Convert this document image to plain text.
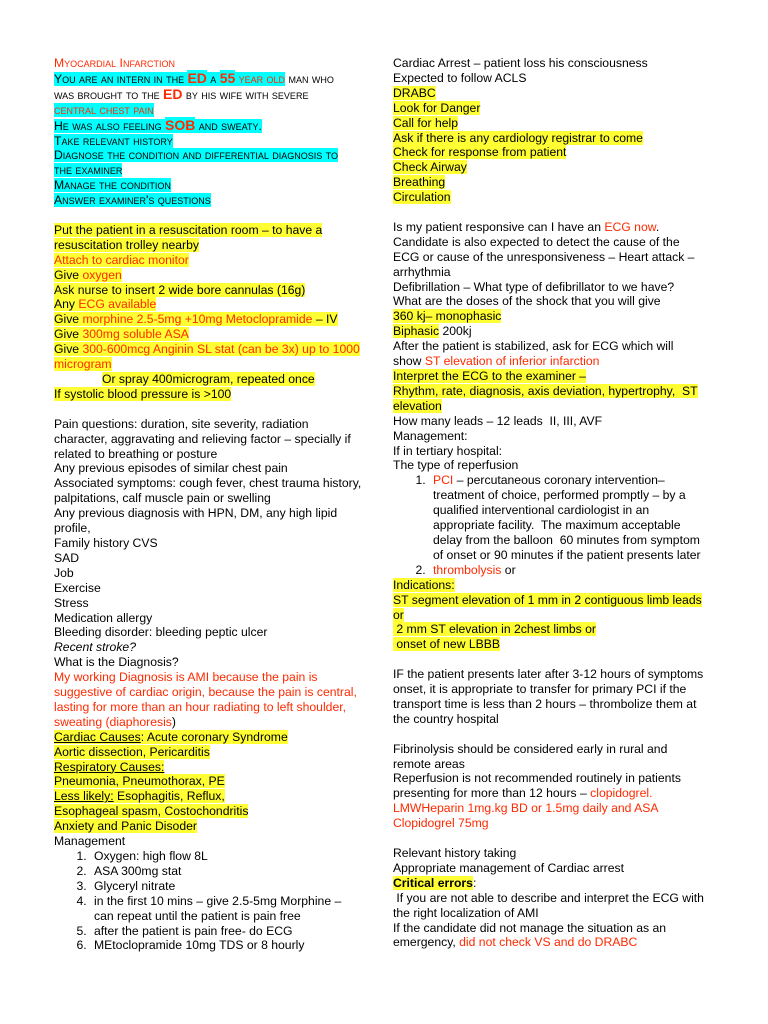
Myocardial Infarction
You are an intern in the ED a 55 year old man who
was brought to the ED by his wife with severe
central chest pain
He was also feeling SOB and sweaty.
Take relevant history
Diagnose the condition and differential diagnosis to
the examiner
Manage the condition
Answer examiner's questions
Put the patient in a resuscitation room – to have a
resuscitation trolley nearby
Attach to cardiac monitor
Give oxygen
Ask nurse to insert 2 wide bore cannulas (16g)
Any ECG available
Give morphine 2.5-5mg +10mg Metoclopramide – IV
Give 300mg soluble ASA
Give 300-600mcg Anginin SL stat (can be 3x) up to 1000
microgram
Or spray 400microgram, repeated once
If systolic blood pressure is >100
Pain questions: duration, site severity, radiation
character, aggravating and relieving factor – specially if
related to breathing or posture
Any previous episodes of similar chest pain
Associated symptoms: cough fever, chest trauma history,
palpitations, calf muscle pain or swelling
Any previous diagnosis with HPN, DM, any high lipid
profile,
Family history CVS
SAD
Job
Exercise
Stress
Medication allergy
Bleeding disorder: bleeding peptic ulcer
Recent stroke?
What is the Diagnosis?
My working Diagnosis is AMI because the pain is
suggestive of cardiac origin, because the pain is central,
lasting for more than an hour radiating to left shoulder,
sweating (diaphoresis)
Cardiac Causes: Acute coronary Syndrome
Aortic dissection, Pericarditis
Respiratory Causes:
Pneumonia, Pneumothorax, PE
Less likely: Esophagitis, Reflux,
Esophageal spasm, Costochondritis
Anxiety and Panic Disoder
Management
1. Oxygen: high flow 8L
2. ASA 300mg stat
3. Glyceryl nitrate
4. in the first 10 mins – give 2.5-5mg Morphine –
can repeat until the patient is pain free
5. after the patient is pain free- do ECG
6. MEtoclopramide 10mg TDS or 8 hourly
Cardiac Arrest – patient loss his consciousness
Expected to follow ACLS
DRABC
Look for Danger
Call for help
Ask if there is any cardiology registrar to come
Check for response from patient
Check Airway
Breathing
Circulation
Is my patient responsive can I have an ECG now.
Candidate is also expected to detect the cause of the
ECG or cause of the unresponsiveness – Heart attack –
arrhythmia
Defibrillation – What type of defibrillator to we have?
What are the doses of the shock that you will give
360 kj– monophasic
Biphasic 200kj
After the patient is stabilized, ask for ECG which will
show ST elevation of inferior infarction
Interpret the ECG to the examiner –
Rhythm, rate, diagnosis, axis deviation, hypertrophy,  ST
elevation
How many leads – 12 leads  II, III, AVF
Management:
If in tertiary hospital:
The type of reperfusion
1. PCI – percutaneous coronary intervention–
treatment of choice, performed promptly – by a
qualified interventional cardiologist in an
appropriate facility.  The maximum acceptable
delay from the balloon  60 minutes from symptom
of onset or 90 minutes if the patient presents later
2. thrombolysis or
Indications:
ST segment elevation of 1 mm in 2 contiguous limb leads
or
2 mm ST elevation in 2chest limbs or
onset of new LBBB
IF the patient presents later after 3-12 hours of symptoms
onset, it is appropriate to transfer for primary PCI if the
transport time is less than 2 hours – thrombolize them at
the country hospital
Fibrinolysis should be considered early in rural and
remote areas
Reperfusion is not recommended routinely in patients
presenting for more than 12 hours – clopidogrel.
LMWHeparin 1mg.kg BD or 1.5mg daily and ASA
Clopidogrel 75mg
Relevant history taking
Appropriate management of Cardiac arrest
Critical errors:
If you are not able to describe and interpret the ECG with
the right localization of AMI
If the candidate did not manage the situation as an
emergency, did not check VS and do DRABC
